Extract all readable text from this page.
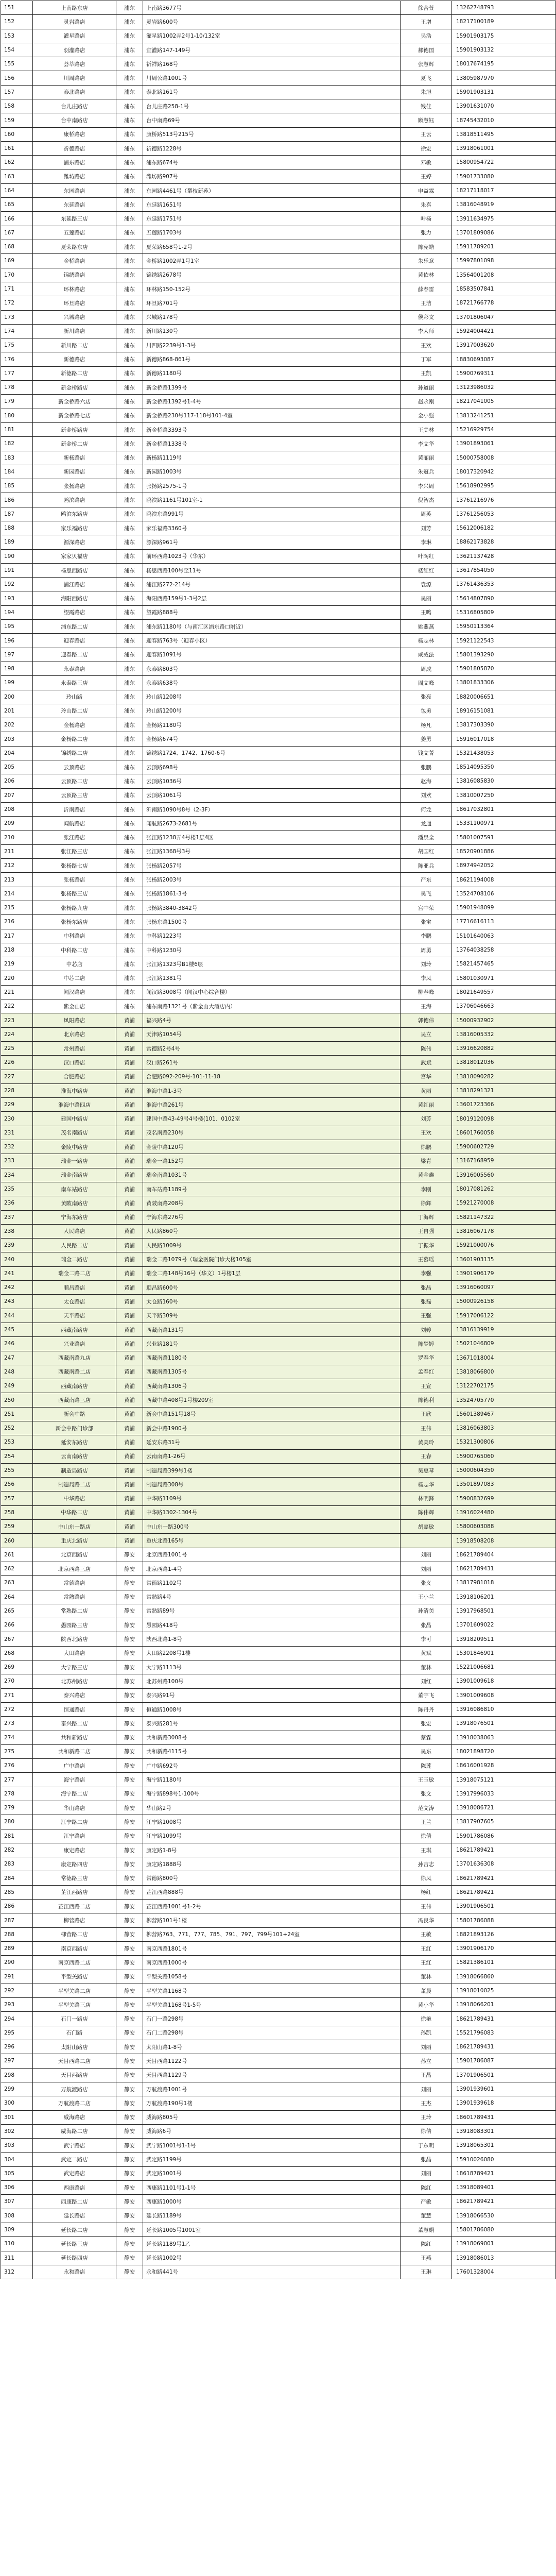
151	上南路东店	浦东	上南路3677号	徐合萱	13262748793
152	灵岩路店	浦东	灵岩路600号	王增	18217100189
153	灌星路店	浦东	灌星路1002弄2号1-10/132室	吴浩	15901903175
154	羽灌路店	浦东	宜灌路147-149号	郝德国	15901903132
155	荟萃路店	浦东	祈祥路168号	张慧辉	18017674195
156	川周路店	浦东	川周公路1001号	夏飞	13805987970
157	泰北路店	浦东	泰北路161号	朱旭	15901903131
158	台儿庄路店	浦东	台儿庄路258-1号	钱佳	13901631070
159	台中南路店	浦东	台中南路69号	顾慧钰	18745432010
160	康桥路店	浦东	康桥路513号215号	王云	13818511495
161	祈德路店	浦东	祈德路1228号	徐宏	13918061001
162	浦东路店	浦东	浦东路674号	邓敏	15800954722
163	潍坊路店	浦东	潍坊路907号	王婷	15901733080
164	东园路店	浦东	东园路4461号（攀枝新苑）	申益霖	18217118017
165	东延路店	浦东	东延路1651号	朱喜	13816048919
166	东延路三店	浦东	东延路1751号	叶杨	13911634975
167	五莲路店	浦东	五莲路1703号	张力	13701809086
168	夏荣路东店	浦东	夏荣路658号1-2号	陈宪皓	15911789201
169	金桥路店	浦东	金桥路1002弄1号1室	朱乐意	15997801098
170	锦绣路店	浦东	锦绣路2678号	黄依林	13564001208
171	环林路店	浦东	环林路150-152号	薛春雷	18583507841
172	环旦路店	浦东	环旦路701号	王洁	18721766778
173	兴城路店	浦东	兴城路178号	侯彩文	13701806047
174	新川路店	浦东	新川路130号	李大师	15924004421
175	新川路二店	浦东	川四路2239号1-3号	王欢	13917003620
176	新德路店	浦东	新德路868-861号	丁军	18830693087
177	新德路二店	浦东	新德路1180号	王凯	15900769311
178	新金桥路店	浦东	新金桥路1399号	孙道丽	13123986032
179	新金桥路六店	浦东	新金桥路1392号1-4号	赵永刚	18217041005
180	新金桥路七店	浦东	新金桥路230号117-118号101-4室	金小强	13813241251
181	新金桥路店	浦东	新金桥路3393号	王美林	15216929754
182	新金桥二店	浦东	新金桥路1338号	李文华	13901893061
183	新杨路店	浦东	新杨路1119号	黄丽丽	15000758008
184	新园路店	浦东	新园路1003号	朱冠兵	18017320942
185	张扬路店	浦东	张扬路2575-1号	李兴周	15618902995
186	鸥滨路店	浦东	鸥滨路1161号101室-1	倪智杰	13761216976
187	鸥滨东路店	浦东	鸥滨东路991号	周英	13761256053
188	家乐福路店	浦东	家乐福路3360号	刘芳	15612006182
189	源深路店	浦东	源深路961号	李琳	18862173828
190	家家贝福店	浦东	前环西路1023号（华东）	叶陶红	13621137428
191	杨思西路店	浦东	杨思西路100号至11号	楼红红	13617854050
192	浦江路店	浦东	浦江路272-214号	袁源	13761436353
193	海阳西路店	浦东	海阳西路159号1-3号2层	吴丽	15614807890
194	望霞路店	浦东	望霞路888号	王鸣	15316805809
195	浦东路二店	浦东	浦东路1180号（与南汇区浦东路口附近）	姚燕燕	15950113364
196	迎春路店	浦东	迎春路763号（迎春小区）	杨志林	15921122543
197	迎春路二店	浦东	迎春路1091号	咸威法	15801393290
198	永泰路店	浦东	永泰路803号	周成	15901805870
199	永泰路三店	浦东	永泰路638号	周文峰	13801833306
200	玲山路	浦东	玲山路1208号	张亮	18820006651
201	玲山路二店	浦东	玲山路1200号	包勇	18916151081
202	金杨路店	浦东	金杨路1180号	杨凡	13817303390
203	金杨路二店	浦东	金杨路674号	姜勇	15916017018
204	锦绣路二店	浦东	锦绣路1724、1742、1760-6号	钱文菁	15321438053
205	云顶路店	浦东	云顶路698号	张鹏	18514095350
206	云顶路二店	浦东	云顶路1036号	赵海	13816085830
207	云顶路三店	浦东	云顶路1061号	刘欢	13810007250
208	沂南路店	浦东	沂南路1090号8号（2-3F）	何龙	18617032801
209	闻航路店	浦东	闻航路2673-2681号	龙通	15331100971
210	张江路店	浦东	张江路1238弄4号楼1层4区	潘泉全	15801007591
211	张江路三店	浦东	张江路1368号3号	胡国红	18520901886
212	张杨路七店	浦东	张杨路2057号	陈亚兵	18974942052
213	张杨路店	浦东	张杨路2003号	严东	18621194008
214	张杨路三店	浦东	张杨路1861-3号	吴飞	13524708106
215	张杨路九店	浦东	张杨路3840-3842号	宫中荣	15901948099
216	张杨东路店	浦东	张杨东路1500号	张宝	17716616113
217	中科路店	浦东	中科路1223号	李鹏	15101640063
218	中科路二店	浦东	中科路1230号	周勇	13764038258
219	中芯店	浦东	张江路1323号B1楼6层	刘玲	15821457465
220	中芯二店	浦东	张江路1381号	李凤	15801030971
221	闻汉路店	浦东	闻汉路3008号（闻汉中心综合楼）	柳春峰	18021649557
222	紫金山店	浦东	浦东南路1321号（紫金山大酒店内）	王海	13706046663
223	凤阳路店	黄浦	福兴路4号	郭德伟	15000932902
224	北京路店	黄浦	天津路1054号	吴立	13816005332
225	常州路店	黄浦	常德路2号4号	陈伟	13916620882
226	汉口路店	黄浦	汉口路261号	武斌	13818012036
227	合肥路店	黄浦	合肥路092-209号-101-11-18	宫华	13818090282
228	淮海中路店	黄浦	淮海中路1-3号	黄丽	13818291321
229	淮海中路四店	黄浦	淮海中路261号	黄红丽	13601723366
230	建国中路店	黄浦	建国中路43-49号4号楼(101、0102室	刘芳	18019120098
231	茂名南路店	黄浦	茂名南路230号	王欢	18601760058
232	金陵中路店	黄浦	金陵中路120号	徐鹏	15900602729
233	瑞金一路店	黄浦	瑞金一路152号	梁青	13167168959
234	瑞金南路店	黄浦	瑞金南路1031号	黄金鑫	13916005560
235	南车站路店	黄浦	南车站路1189号	李刚	18017081262
236	黄陂南路店	黄浦	黄陂南路208号	徐辉	15921270008
237	宁海东路店	黄浦	宁海东路276号	丁海辉	15821147322
238	人民路店	黄浦	人民路860号	王自强	13816067178
239	人民路二店	黄浦	人民路1009号	丁振华	15921000076
240	瑞金二路店	黄浦	瑞金二路1079号（瑞金医院门诊大楼105室	王慕瑶	13601903135
241	瑞金二路二店	黄浦	瑞金二路148号16号（华文）1号楼1层	李强	13901906179
242	顺昌路店	黄浦	顺昌路600号	张晶	13916060097
243	太仓路店	黄浦	太仓路160号	张磊	15000926158
244	天平路店	黄浦	天平路309号	王强	15917006122
245	西藏南路店	黄浦	西藏南路131号	刘婷	13816139919
246	兴业路店	黄浦	兴业路181号	陈梦婷	15021046809
247	西藏南路九店	黄浦	西藏南路1180号	罗春华	13671018004
248	西藏南路二店	黄浦	西藏南路1305号	孟春红	13818066800
249	西藏南路店	黄浦	西藏南路1306号	王宣	13122702175
250	西藏南路三店	黄浦	西藏中路408号1号楼209室	陈德利	13524705770
251	新会中路	黄浦	新会中路151号18号	王欣	15601389467
252	新会中路门诊部	黄浦	新会中路1900号	王伟	13816063803
253	延安东路店	黄浦	延安东路31号	黄美玲	15321300806
254	云南南路店	黄浦	云南南路1-26号	王春	15900765060
255	制造局路店	黄浦	制造局路399号1楼	吴惠琴	15000604350
256	制造局路二店	黄浦	制造局路308号	杨志华	13501897083
257	中华路店	黄浦	中华路1109号	林明鋒	15900832699
258	中华路二店	黄浦	中华路1302-1304号	陈伟辉	13916024480
259	中山东一路店	黄浦	中山东一路300号	胡嘉敏	15800603088
260	重庆北路店	黄浦	重庆北路165号		13918508208
261	北京西路店	静安	北京西路1001号	刘丽	18621789404
262	北京西路三店	静安	北京西路1-4号	刘丽	18621789431
263	常德路店	静安	常德路1102号	张义	13817981018
264	常熟路店	静安	常熟路4号	王小兰	13918106201
265	常熟路二店	静安	常熟路89号	孙清美	13917968501
266	愚园路三店	静安	愚园路418号	张晶	13701609022
267	陕西北路店	静安	陕西北路1-8号	李可	13918209511
268	大田路店	静安	大田路2208号1楼	黄斌	15301846901
269	大宁路三店	静安	大宁路1113号	董林	15221006681
270	北苏州路店	静安	北苏州路100号	刘红	13901009618
271	泰兴路店	静安	泰兴路91号	董宇飞	13901009608
272	恒通路店	静安	恒通路1008号	陈丹丹	13916086810
273	泰兴路二店	静安	泰兴路281号	张宏	13918076501
274	共和新路店	静安	共和新路3008号	蔡霖	13918038063
275	共和新路二店	静安	共和新路4115号	吴东	18021898720
276	广中路店	静安	广中路692号	陈莲	18616001928
277	海宁路店	静安	海宁路1180号	王玉敏	13918075121
278	海宁路二店	静安	海宁路898号1-100号	张文	13917996033
279	华山路店	静安	华山路2号	范文涛	13918086721
280	江宁路二店	静安	江宁路1008号	王兰	13817907605
281	江宁路店	静安	江宁路1099号	徐倩	15901786086
282	康定路店	静安	康定路1-8号	王琪	18621789421
283	康定路四店	静安	康定路1888号	孙吉志	13701636308
284	常德路三店	静安	常德路800号	徐凤	18621789421
285	芷江西路店	静安	芷江西路888号	杨红	18621789421
286	芷江西路二店	静安	芷江西路1001号1-2号	王伟	13901906501
287	柳营路店	静安	柳营路101号1楼	冯良华	15801786088
288	柳营路二店	静安	柳营路763、771、777、785、791、797、799号101+24室	王敏	18821893126
289	南京西路店	静安	南京西路1801号	王红	13901906170
290	南京西路二店	静安	南京西路1000号	王红	15821386101
291	平型关路店	静安	平型关路1058号	董林	13918066860
292	平型关路二店	静安	平型关路1168号	董晨	13918010025
293	平型关路三店	静安	平型关路1168号1-5号	黄小华	13918066201
294	石门一路店	静安	石门一路298号	徐艳	18621789431
295	石门路	静安	石门二路298号	孙凯	15521796083
296	太阳山路店	静安	太阳山路1-8号	刘丽	18621789431
297	天目西路二店	静安	天目西路1122号	孙立	15901786087
298	天目西路店	静安	天目西路1129号	王晶	13701906501
299	万航渡路店	静安	万航渡路1001号	刘丽	13901939601
300	万航渡路二店	静安	万航渡路190号1楼	王杰	13901939618
301	威海路店	静安	威海路805号	王玲	18601789431
302	威海路二店	静安	威海路6号	徐倩	13918083301
303	武宁路店	静安	武宁路1001号1-1号	于东明	13918065301
304	武定二路店	静安	武定路1199号	张晶	15910026080
305	武定路店	静安	武定路1001号	刘丽	18618789421
306	西康路店	静安	西康路1101号1-1号	陈红	13918089401
307	西康路二店	静安	西康路1000号	严敏	18621789421
308	延长路店	静安	延长路1189号	董慧	13918066530
309	延长路二店	静安	延长路1005号1001室	董慧娟	15801786080
310	延长路三店	静安	延长路1189号1乙	陈红	13918069001
311	延长路四店	静安	延长路1002号	王燕	13918086013
312	永和路店	静安	永和路441号	王琳	17601328004
